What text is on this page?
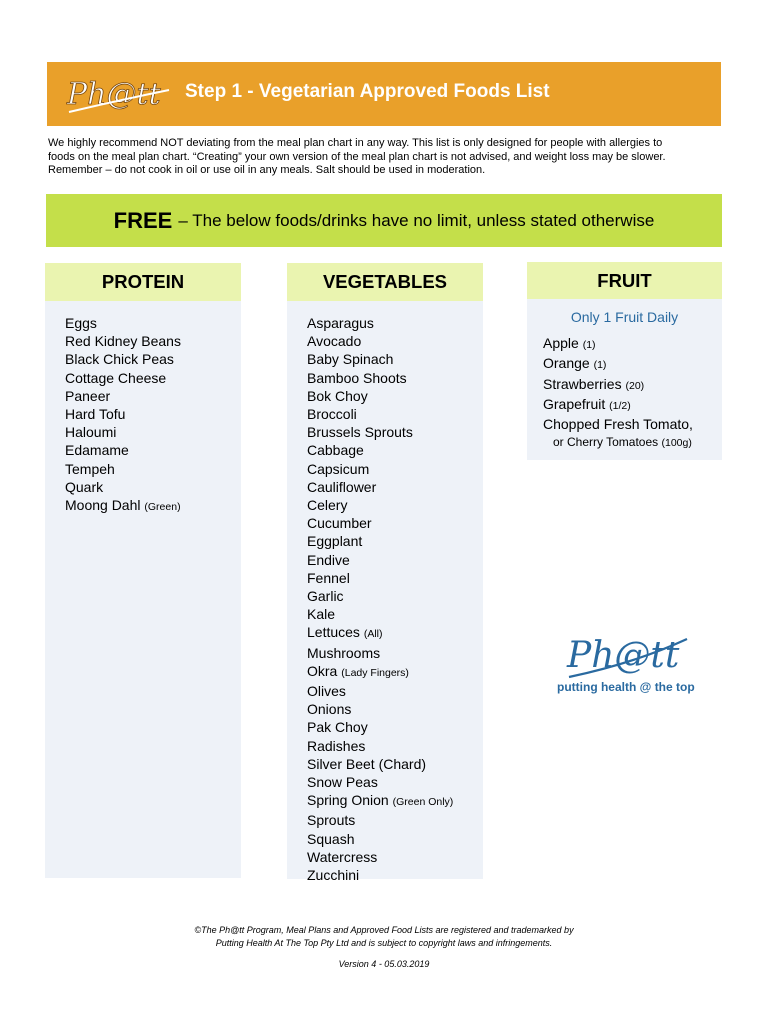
Ph@tt Step 1 - Vegetarian Approved Foods List
We highly recommend NOT deviating from the meal plan chart in any way. This list is only designed for people with allergies to
foods on the meal plan chart. “Creating” your own version of the meal plan chart is not advised, and weight loss may be slower.
Remember – do not cook in oil or use oil in any meals. Salt should be used in moderation.
FREE – The below foods/drinks have no limit, unless stated otherwise
PROTEIN
Eggs
Red Kidney Beans
Black Chick Peas
Cottage Cheese
Paneer
Hard Tofu
Haloumi
Edamame
Tempeh
Quark
Moong Dahl (Green)
VEGETABLES
Asparagus
Avocado
Baby Spinach
Bamboo Shoots
Bok Choy
Broccoli
Brussels Sprouts
Cabbage
Capsicum
Cauliflower
Celery
Cucumber
Eggplant
Endive
Fennel
Garlic
Kale
Lettuces (All)
Mushrooms
Okra (Lady Fingers)
Olives
Onions
Pak Choy
Radishes
Silver Beet (Chard)
Snow Peas
Spring Onion (Green Only)
Sprouts
Squash
Watercress
Zucchini
FRUIT
Only 1 Fruit Daily
Apple (1)
Orange (1)
Strawberries (20)
Grapefruit (1/2)
Chopped Fresh Tomato,
or Cherry Tomatoes (100g)
Ph@tt
putting health @ the top
©The Ph@tt Program, Meal Plans and Approved Food Lists are registered and trademarked by
Putting Health At The Top Pty Ltd and is subject to copyright laws and infringements.
Version 4 - 05.03.2019
